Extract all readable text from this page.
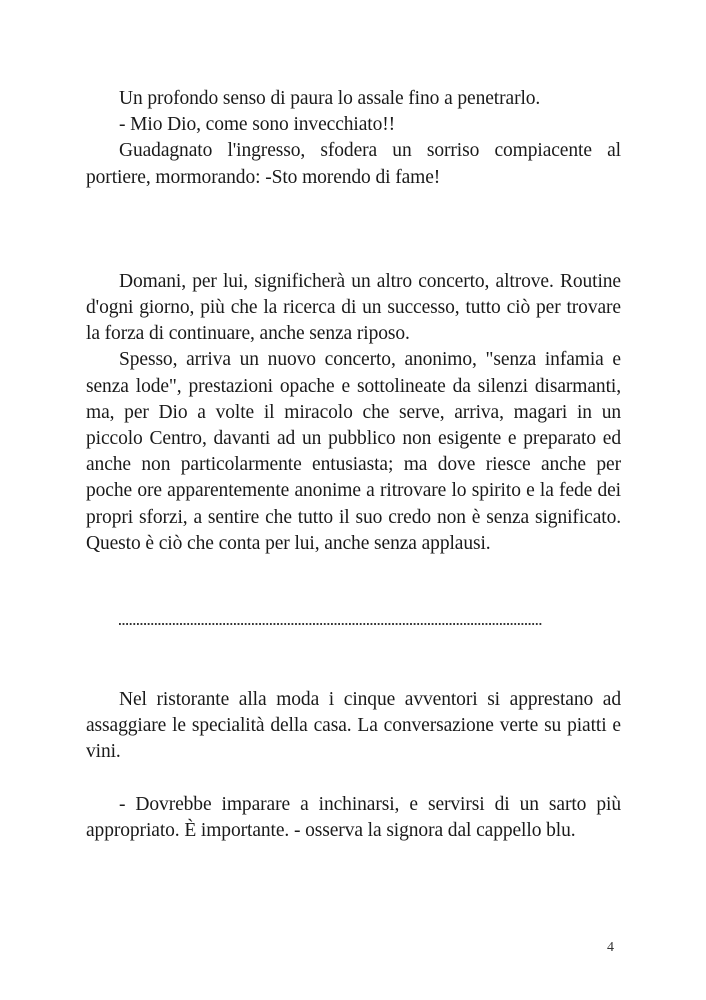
Un profondo senso di paura lo assale fino a penetrarlo.

- Mio Dio, come sono invecchiato!!

Guadagnato l'ingresso, sfodera un sorriso compiacente al portiere, mormorando: -Sto morendo di fame!

Domani, per lui, significherà un altro concerto, altrove. Routine d'ogni giorno, più che la ricerca di un successo, tutto ciò per trovare la forza di continuare, anche senza riposo.

Spesso, arriva un nuovo concerto, anonimo, "senza infamia e senza lode", prestazioni opache e sottolineate da silenzi disarmanti, ma, per Dio a volte il miracolo che serve, arriva, magari in un piccolo Centro, davanti ad un pubblico non esigente e preparato ed anche non particolarmente entusiasta; ma dove riesce anche per poche ore apparentemente anonime a ritrovare lo spirito e la fede dei propri sforzi, a sentire che tutto il suo credo non è senza significato. Questo è ciò che conta per lui, anche senza applausi.

Nel ristorante alla moda i cinque avventori si apprestano ad assaggiare le specialità della casa. La conversazione verte su piatti e vini.

- Dovrebbe imparare a inchinarsi, e servirsi di un sarto più appropriato. È importante. - osserva la signora dal cappello blu.

4
